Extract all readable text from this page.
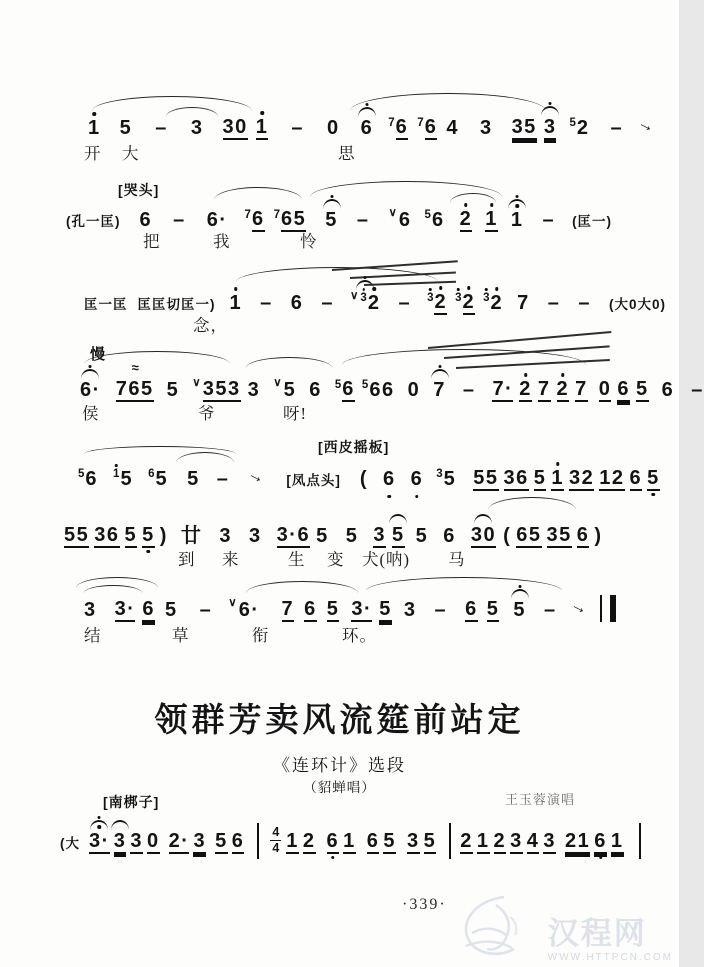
[哭头]
慢
[西皮摇板]
[南梆子]
1 5 – 3 30 1 – 0 6 7 6 7 6 4 3 35 3 5 2 – →
开 大	思
(孔一匡) 6 – 6· 7 6 7 65 5 – ∨ 6 5 6 2 1 1 – (匡一)
把	我	怜
匡一匡 匡匡切匡一) 1 – 6 – ∨ 3 2 – 3 2 3 2 3 2 7 – – (大0大0)
念，
6· 765
≈
5 ∨ 353 3 ∨ 5 6 5 6 5 66 0 7 – 7· 2 7 2 7 0 6 5 6 –
侯	爷	呀!
5 6 1 5 6 5 5 – → [凤点头] ( 6 6 3 5 55 36 5 1 32 12 6 5
55 36 5 5 ) 廿 3 3 3·6 5 5 3 5 5 6 30 ( 65 35 6 )
到 来	生 变 犬(呐) 马
3 3· 6 5 – ∨ 6· 7 6 5 3· 5 3 – 6 5 5 – →
结	草	衔	环。
(大 3· 3 3 0 2· 3 5 6 4
4 1 2 6 1 6 5 3 5 2 1 2 3 4 3 21 6 1
领群芳卖风流筵前站定
《连环计》选段
（貂蝉唱）
王玉蓉演唱
·339·
汉程网
WWW.HTTPCN.COM
